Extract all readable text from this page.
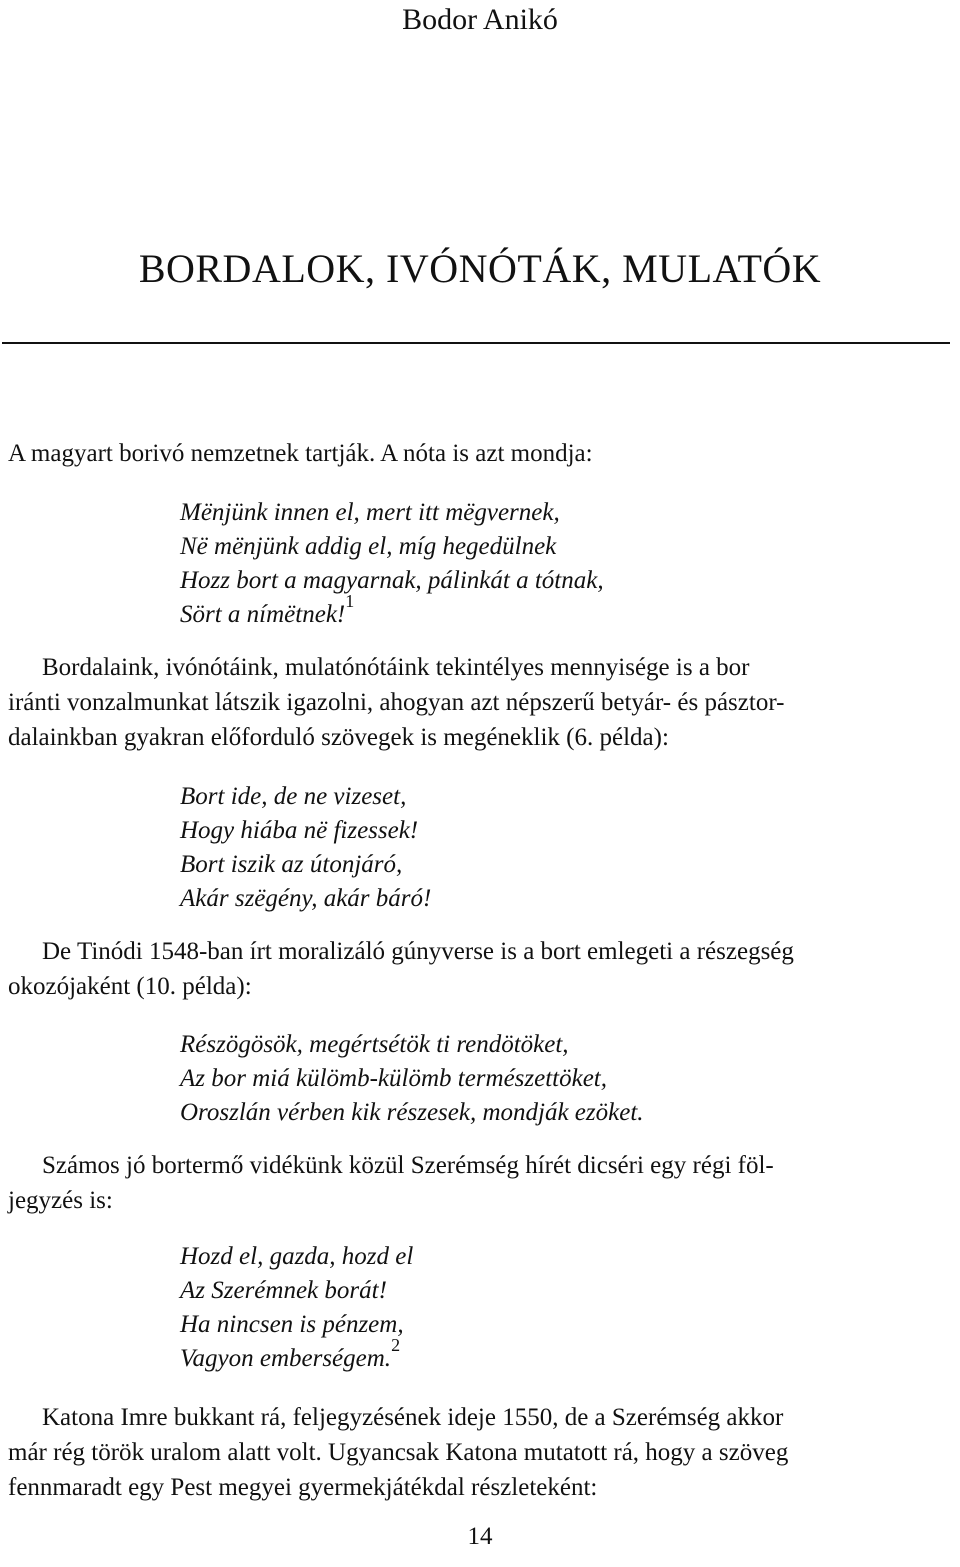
Bodor Anikó
BORDALOK, IVÓNÓTÁK, MULATÓK
A magyart borivó nemzetnek tartják. A nóta is azt mondja:
Mënjünk innen el, mert itt mëgvernek,
Në mënjünk addig el, míg hegedülnek
Hozz bort a magyarnak, pálinkát a tótnak,
Sört a nímëtnek!$^1$
Bordalaink, ivónótáink, mulatónótáink tekintélyes mennyisége is a bor
iránti vonzalmunkat látszik igazolni, ahogyan azt népszerű betyár- és pásztor-
dalainkban gyakran előforduló szövegek is megéneklik (6. példa):
Bort ide, de ne vizeset,
Hogy hiába në fizessek!
Bort iszik az útonjáró,
Akár szëgény, akár báró!
De Tinódi 1548-ban írt moralizáló gúnyverse is a bort emlegeti a részegség
okozójaként (10. példa):
Részögösök, megértsétök ti rendötöket,
Az bor miá külömb-külömb természettöket,
Oroszlán vérben kik részesek, mondják ezöket.
Számos jó bortermő vidékünk közül Szerémség hírét dicséri egy régi föl-
jegyzés is:
Hozd el, gazda, hozd el
Az Szerémnek borát!
Ha nincsen is pénzem,
Vagyon emberségem.$^2$
Katona Imre bukkant rá, feljegyzésének ideje 1550, de a Szerémség akkor
már rég török uralom alatt volt. Ugyancsak Katona mutatott rá, hogy a szöveg
fennmaradt egy Pest megyei gyermekjátékdal részleteként:
14
